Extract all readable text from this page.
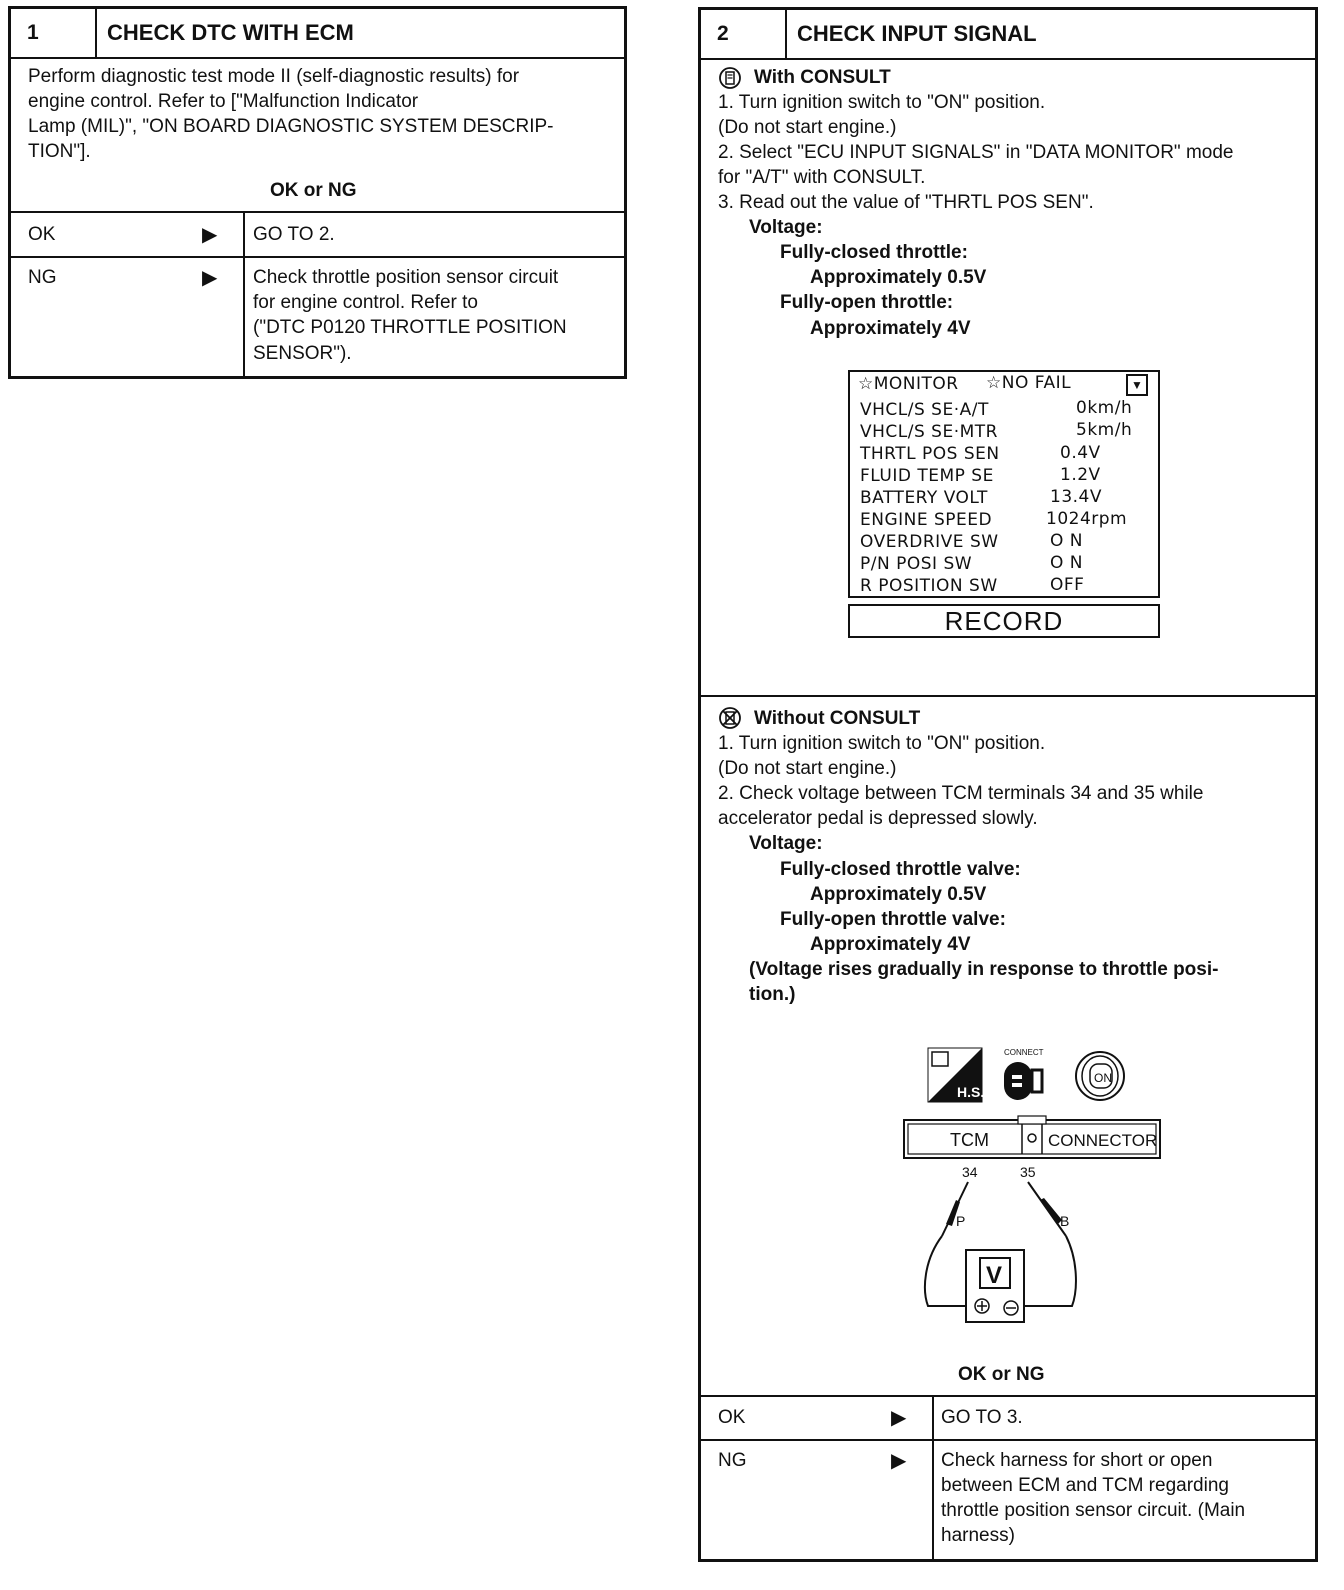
1	CHECK DTC WITH ECM
Perform diagnostic test mode II (self-diagnostic results) for
engine control. Refer to ["Malfunction Indicator
Lamp (MIL)", "ON BOARD DIAGNOSTIC SYSTEM DESCRIP-
TION"].
OK or NG
OK	▶ GO TO 2.
NG	▶ Check throttle position sensor circuit
for engine control. Refer to
("DTC P0120 THROTTLE POSITION
SENSOR").
2	CHECK INPUT SIGNAL
With CONSULT
1. Turn ignition switch to "ON" position.
(Do not start engine.)
2. Select "ECU INPUT SIGNALS" in "DATA MONITOR" mode
for "A/T" with CONSULT.
3. Read out the value of "THRTL POS SEN".
Voltage:
Fully-closed throttle:
Approximately 0.5V
Fully-open throttle:
Approximately 4V
☆MONITOR ☆NO FAIL	▼
VHCL/S SE·A/T	0km/h
VHCL/S SE·MTR	5km/h
THRTL POS SEN	0.4V
FLUID TEMP SE	1.2V
BATTERY VOLT	13.4V
ENGINE SPEED	1024rpm
OVERDRIVE SW	O N
P/N POSI SW	O N
R POSITION SW	OFF
RECORD
Without CONSULT
1. Turn ignition switch to "ON" position.
(Do not start engine.)
2. Check voltage between TCM terminals 34 and 35 while
accelerator pedal is depressed slowly.
Voltage:
Fully-closed throttle valve:
Approximately 0.5V
Fully-open throttle valve:
Approximately 4V
(Voltage rises gradually in response to throttle posi-
tion.)
H.S.
CONNECT
ON
TCM	CONNECTOR
34	35
P	B
V
OK or NG
OK	▶ GO TO 3.
NG	▶ Check harness for short or open
between ECM and TCM regarding
throttle position sensor circuit. (Main
harness)
